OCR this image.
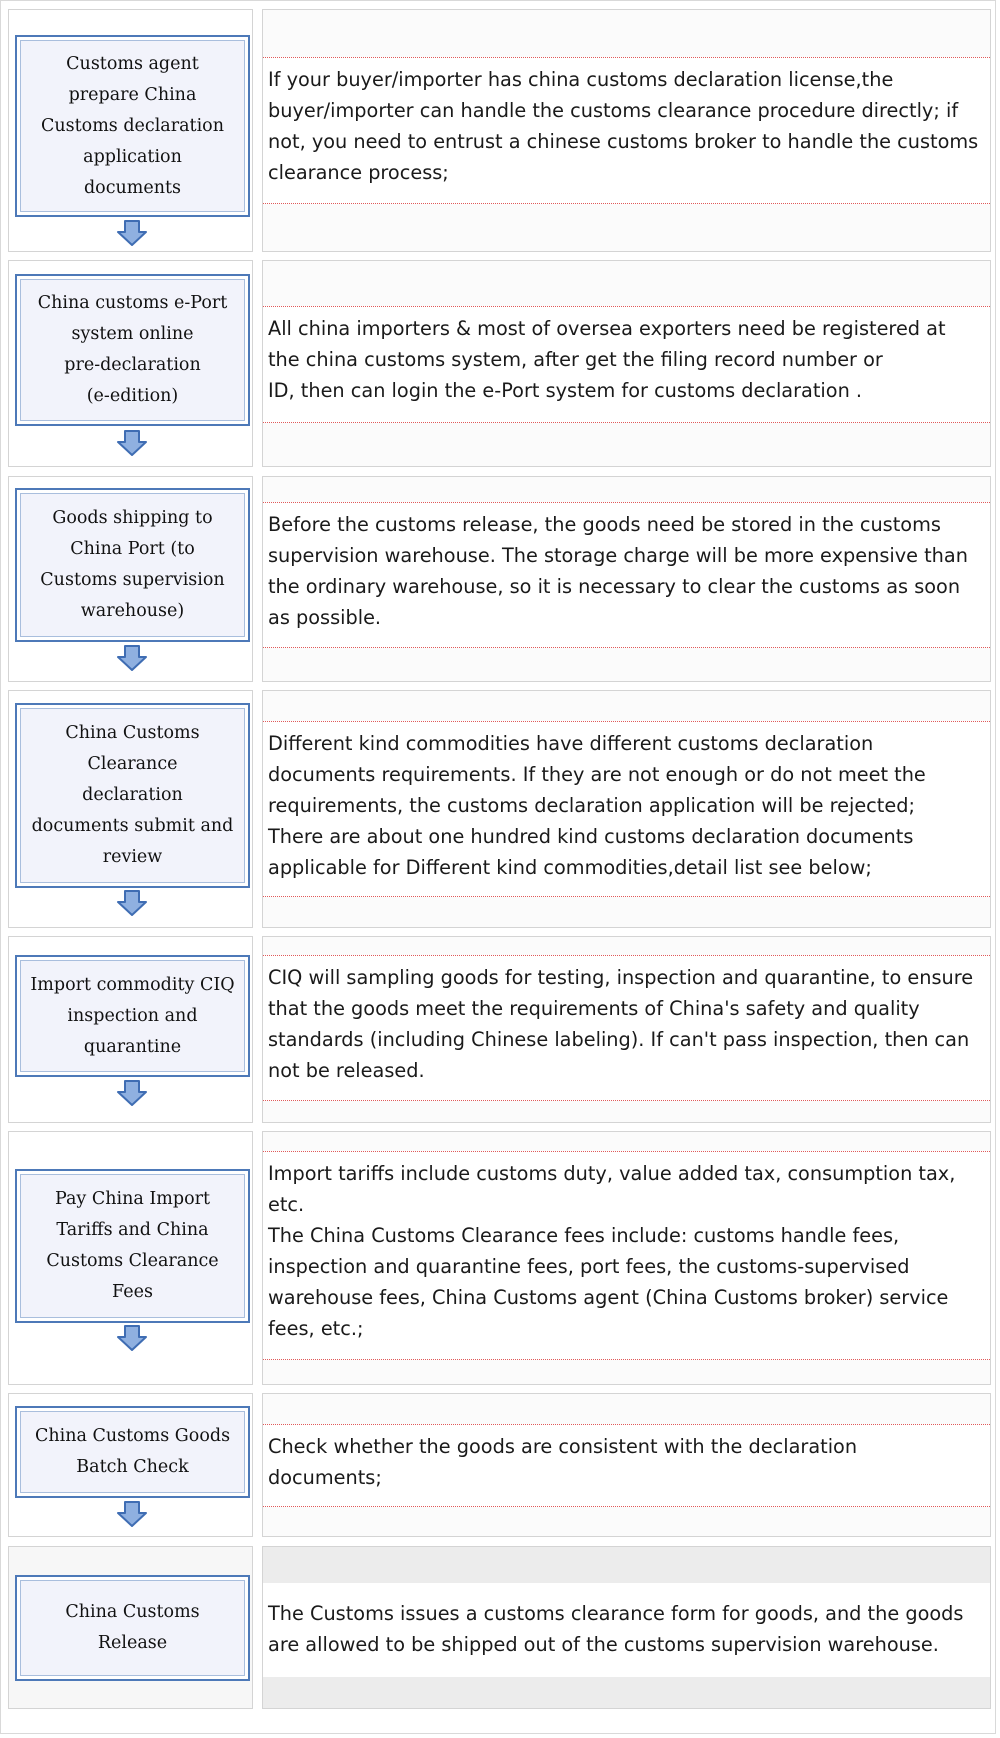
Customs agent
prepare China
Customs declaration
application
documents
If your buyer/importer has china customs declaration license,the
buyer/importer can handle the customs clearance procedure directly; if
not, you need to entrust a chinese customs broker to handle the customs
clearance process;
China customs e-Port
system online
pre-declaration
(e-edition)
All china importers & most of oversea exporters need be registered at
the china customs system, after get the filing record number or
ID, then can login the e-Port system for customs declaration .
Goods shipping to
China Port (to
Customs supervision
warehouse)
Before the customs release, the goods need be stored in the customs
supervision warehouse. The storage charge will be more expensive than
the ordinary warehouse, so it is necessary to clear the customs as soon
as possible.
China Customs
Clearance
declaration
documents submit and
review
Different kind commodities have different customs declaration
documents requirements. If they are not enough or do not meet the
requirements, the customs declaration application will be rejected;
There are about one hundred kind customs declaration documents
applicable for Different kind commodities,detail list see below;
Import commodity CIQ
inspection and
quarantine
CIQ will sampling goods for testing, inspection and quarantine, to ensure
that the goods meet the requirements of China's safety and quality
standards (including Chinese labeling). If can't pass inspection, then can
not be released.
Pay China Import
Tariffs and China
Customs Clearance
Fees
Import tariffs include customs duty, value added tax, consumption tax,
etc.
The China Customs Clearance fees include: customs handle fees,
inspection and quarantine fees, port fees, the customs-supervised
warehouse fees, China Customs agent (China Customs broker) service
fees, etc.;
China Customs Goods
Batch Check
Check whether the goods are consistent with the declaration
documents;
China Customs
Release
The Customs issues a customs clearance form for goods, and the goods
are allowed to be shipped out of the customs supervision warehouse.
